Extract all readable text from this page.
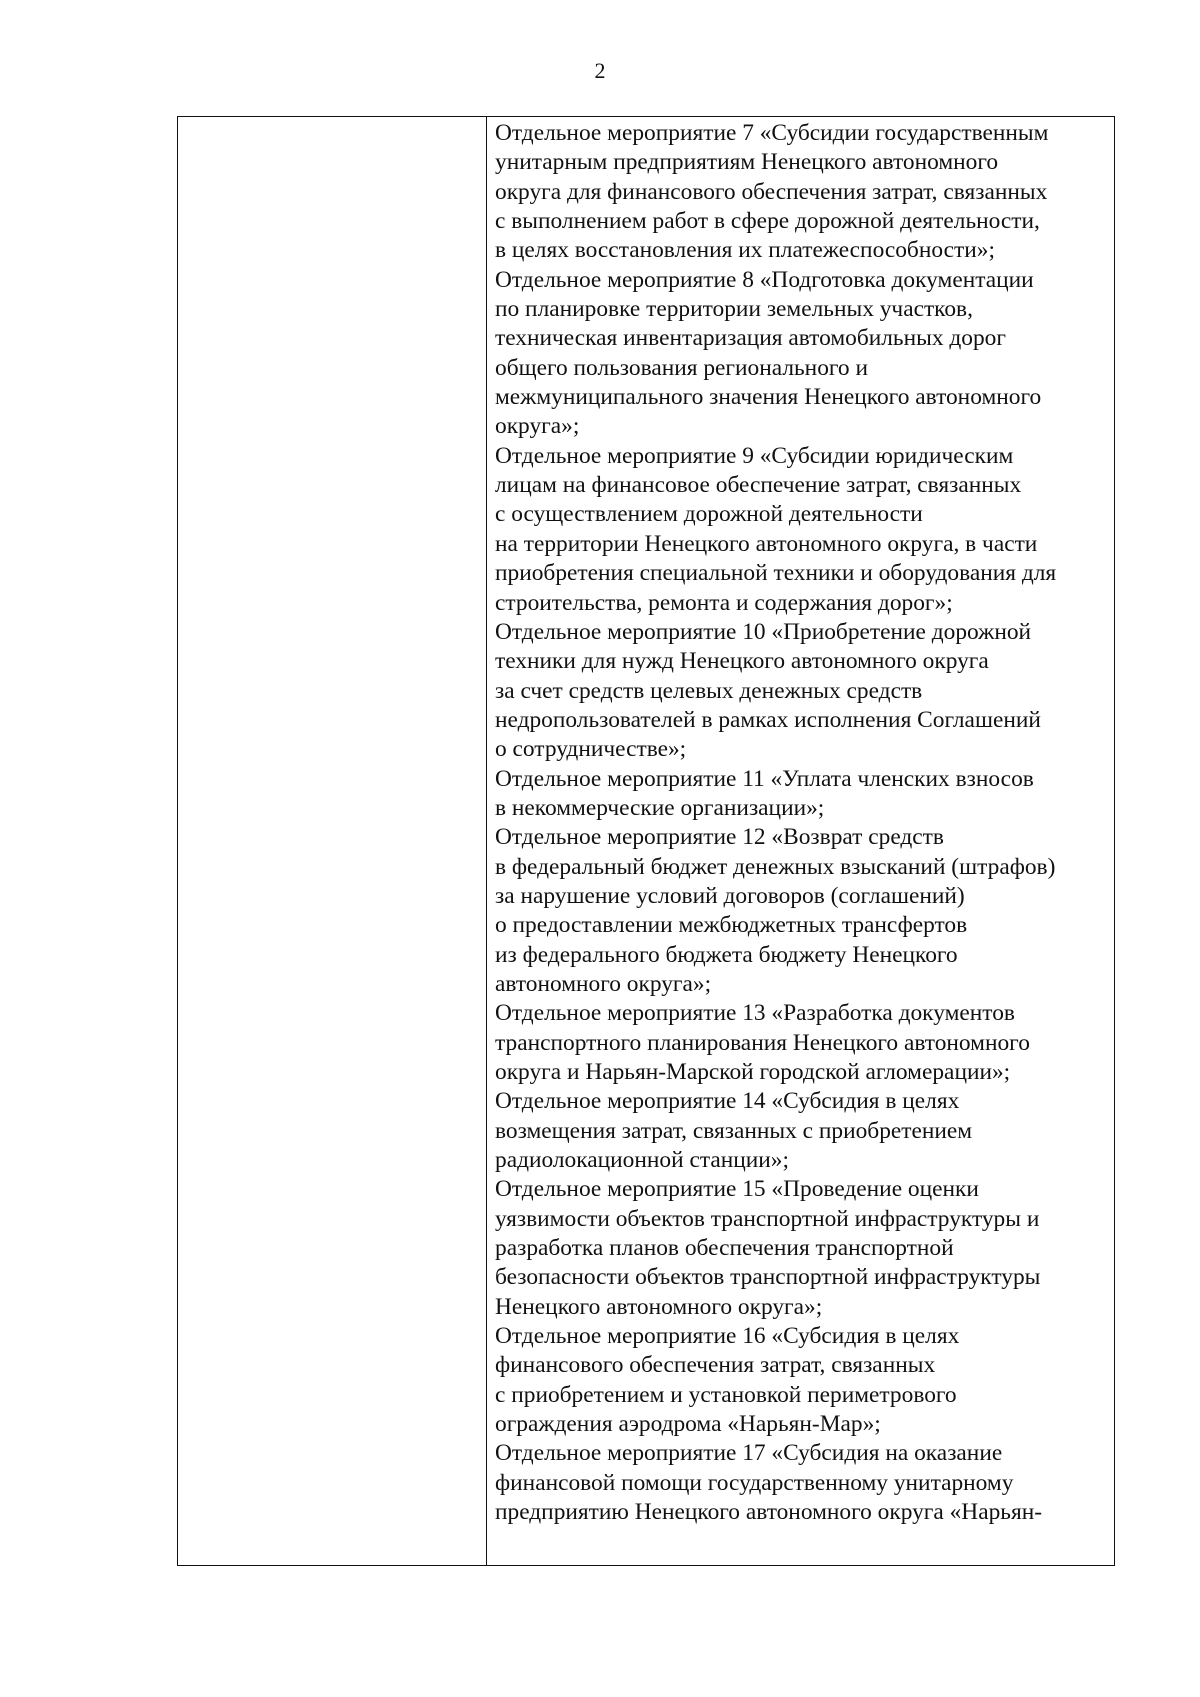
2
Отдельное мероприятие 7 «Субсидии государственным
унитарным предприятиям Ненецкого автономного
округа для финансового обеспечения затрат, связанных
с выполнением работ в сфере дорожной деятельности,
в целях восстановления их платежеспособности»;
Отдельное мероприятие 8 «Подготовка документации
по планировке территории земельных участков,
техническая инвентаризация автомобильных дорог
общего пользования регионального и
межмуниципального значения Ненецкого автономного
округа»;
Отдельное мероприятие 9 «Субсидии юридическим
лицам на финансовое обеспечение затрат, связанных
с осуществлением дорожной деятельности
на территории Ненецкого автономного округа, в части
приобретения специальной техники и оборудования для
строительства, ремонта и содержания дорог»;
Отдельное мероприятие 10 «Приобретение дорожной
техники для нужд Ненецкого автономного округа
за счет средств целевых денежных средств
недропользователей в рамках исполнения Соглашений
о сотрудничестве»;
Отдельное мероприятие 11 «Уплата членских взносов
в некоммерческие организации»;
Отдельное мероприятие 12 «Возврат средств
в федеральный бюджет денежных взысканий (штрафов)
за нарушение условий договоров (соглашений)
о предоставлении межбюджетных трансфертов
из федерального бюджета бюджету Ненецкого
автономного округа»;
Отдельное мероприятие 13 «Разработка документов
транспортного планирования Ненецкого автономного
округа и Нарьян-Марской городской агломерации»;
Отдельное мероприятие 14 «Субсидия в целях
возмещения затрат, связанных с приобретением
радиолокационной станции»;
Отдельное мероприятие 15 «Проведение оценки
уязвимости объектов транспортной инфраструктуры и
разработка планов обеспечения транспортной
безопасности объектов транспортной инфраструктуры
Ненецкого автономного округа»;
Отдельное мероприятие 16 «Субсидия в целях
финансового обеспечения затрат, связанных
с приобретением и установкой периметрового
ограждения аэродрома «Нарьян-Мар»;
Отдельное мероприятие 17 «Субсидия на оказание
финансовой помощи государственному унитарному
предприятию Ненецкого автономного округа «Нарьян-
